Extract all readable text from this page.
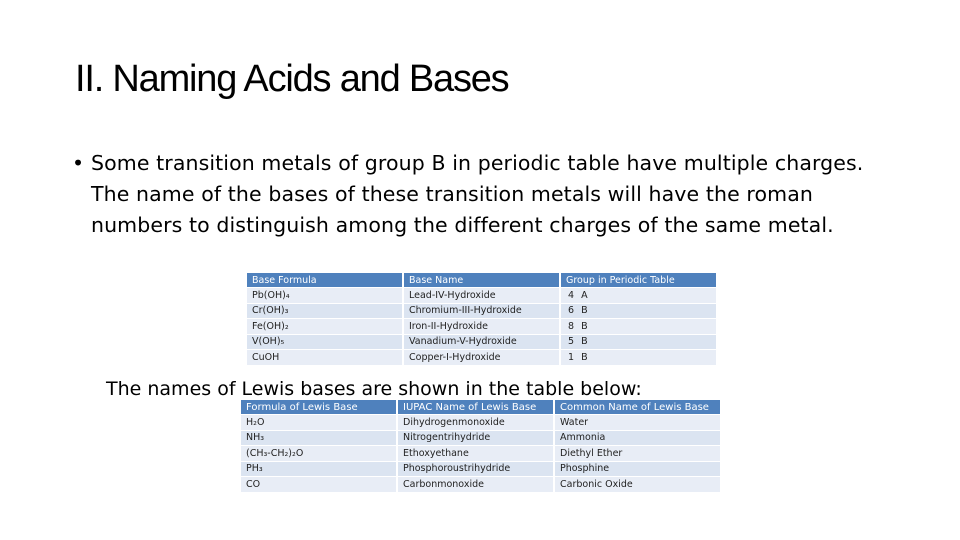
II. Naming Acids and Bases
• Some transition metals of group B in periodic table have multiple charges. The name of the bases of these transition metals will have the roman numbers to distinguish among the different charges of the same metal.
Base Formula	Base Name	Group in Periodic Table
Pb(OH)₄	Lead-IV-Hydroxide	4 A
Cr(OH)₃	Chromium-III-Hydroxide	6 B
Fe(OH)₂	Iron-II-Hydroxide	8 B
V(OH)₅	Vanadium-V-Hydroxide	5 B
CuOH	Copper-I-Hydroxide	1 B
The names of Lewis bases are shown in the table below:
Formula of Lewis Base	IUPAC Name of Lewis Base	Common Name of Lewis Base
H₂O	Dihydrogenmonoxide	Water
NH₃	Nitrogentrihydride	Ammonia
(CH₃-CH₂)₂O	Ethoxyethane	Diethyl Ether
PH₃	Phosphoroustrihydride	Phosphine
CO	Carbonmonoxide	Carbonic Oxide
